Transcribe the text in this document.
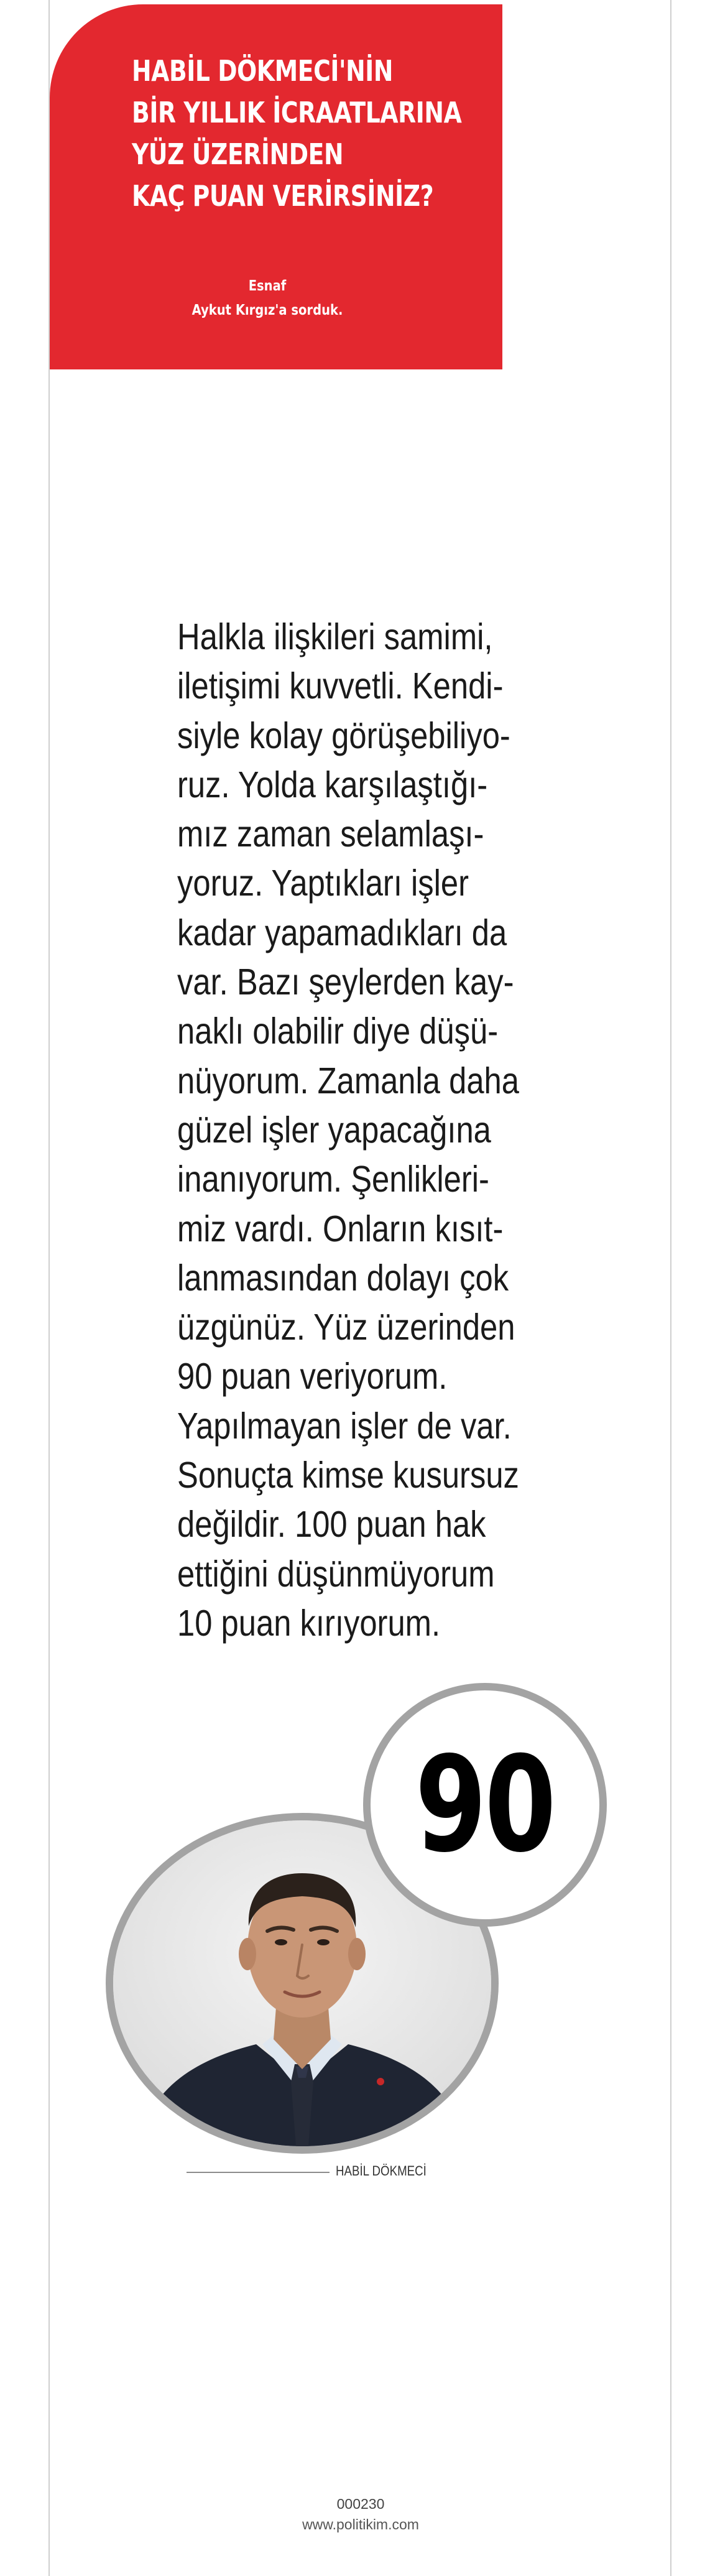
HABİL DÖKMECİ'NİN
BİR YILLIK İCRAATLARINA
YÜZ ÜZERİNDEN
KAÇ PUAN VERİRSİNİZ?
Esnaf
Aykut Kırgız'a sorduk.
Halkla ilişkileri samimi,
iletişimi kuvvetli. Kendi-
siyle kolay görüşebiliyo-
ruz. Yolda karşılaştığı-
mız zaman selamlaşı-
yoruz. Yaptıkları işler
kadar yapamadıkları da
var. Bazı şeylerden kay-
naklı olabilir diye düşü-
nüyorum. Zamanla daha
güzel işler yapacağına
inanıyorum. Şenlikleri-
miz vardı. Onların kısıt-
lanmasından dolayı çok
üzgünüz. Yüz üzerinden
90 puan veriyorum.
Yapılmayan işler de var.
Sonuçta kimse kusursuz
değildir. 100 puan hak
ettiğini düşünmüyorum
10 puan kırıyorum.
90
HABİL DÖKMECİ
000230
www.politikim.com
